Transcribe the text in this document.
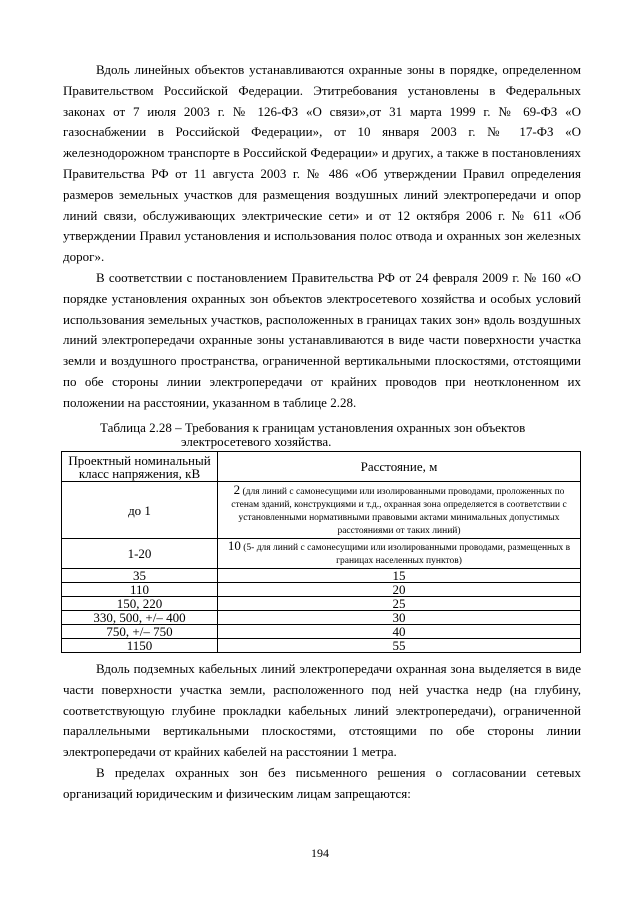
Вдоль линейных объектов устанавливаются охранные зоны в порядке, определенном Правительством Российской Федерации. Этитребования установлены в Федеральных законах от 7 июля 2003 г. № 126-ФЗ «О связи»,от 31 марта 1999 г. № 69-ФЗ «О газоснабжении в Российской Федерации», от 10 января 2003 г. № 17-ФЗ «О железнодорожном транспорте в Российской Федерации» и других, а также в постановлениях Правительства РФ от 11 августа 2003 г. № 486 «Об утверждении Правил определения размеров земельных участков для размещения воздушных линий электропередачи и опор линий связи, обслуживающих электрические сети» и от 12 октября 2006 г. № 611 «Об утверждении Правил установления и использования полос отвода и охранных зон железных дорог».

В соответствии с постановлением Правительства РФ от 24 февраля 2009 г. № 160 «О порядке установления охранных зон объектов электросетевого хозяйства и особых условий использования земельных участков, расположенных в границах таких зон» вдоль воздушных линий электропередачи охранные зоны устанавливаются в виде части поверхности участка земли и воздушного пространства, ограниченной вертикальными плоскостями, отстоящими по обе стороны линии электропередачи от крайних проводов при неотклоненном их положении на расстоянии, указанном в таблице 2.28.

Таблица 2.28 – Требования к границам установления охранных зон объектов
электросетевого хозяйства.
Проектный номинальный класс напряжения, кВ	Расстояние, м
до 1	2 (для линий с самонесущими или изолированными проводами, проложенных по стенам зданий, конструкциями и т.д., охранная зона определяется в соответствии с установленными нормативными правовыми актами минимальных допустимых расстояниями от таких линий)
1-20	10 (5- для линий с самонесущими или изолированными проводами, размещенных в границах населенных пунктов)
35	15
110	20
150, 220	25
330, 500, +/– 400	30
750, +/– 750	40
1150	55

Вдоль подземных кабельных линий электропередачи охранная зона выделяется в виде части поверхности участка земли, расположенного под ней участка недр (на глубину, соответствующую глубине прокладки кабельных линий электропередачи), ограниченной параллельными вертикальными плоскостями, отстоящими по обе стороны линии электропередачи от крайних кабелей на расстоянии 1 метра.

В пределах охранных зон без письменного решения о согласовании сетевых организаций юридическим и физическим лицам запрещаются:

194
